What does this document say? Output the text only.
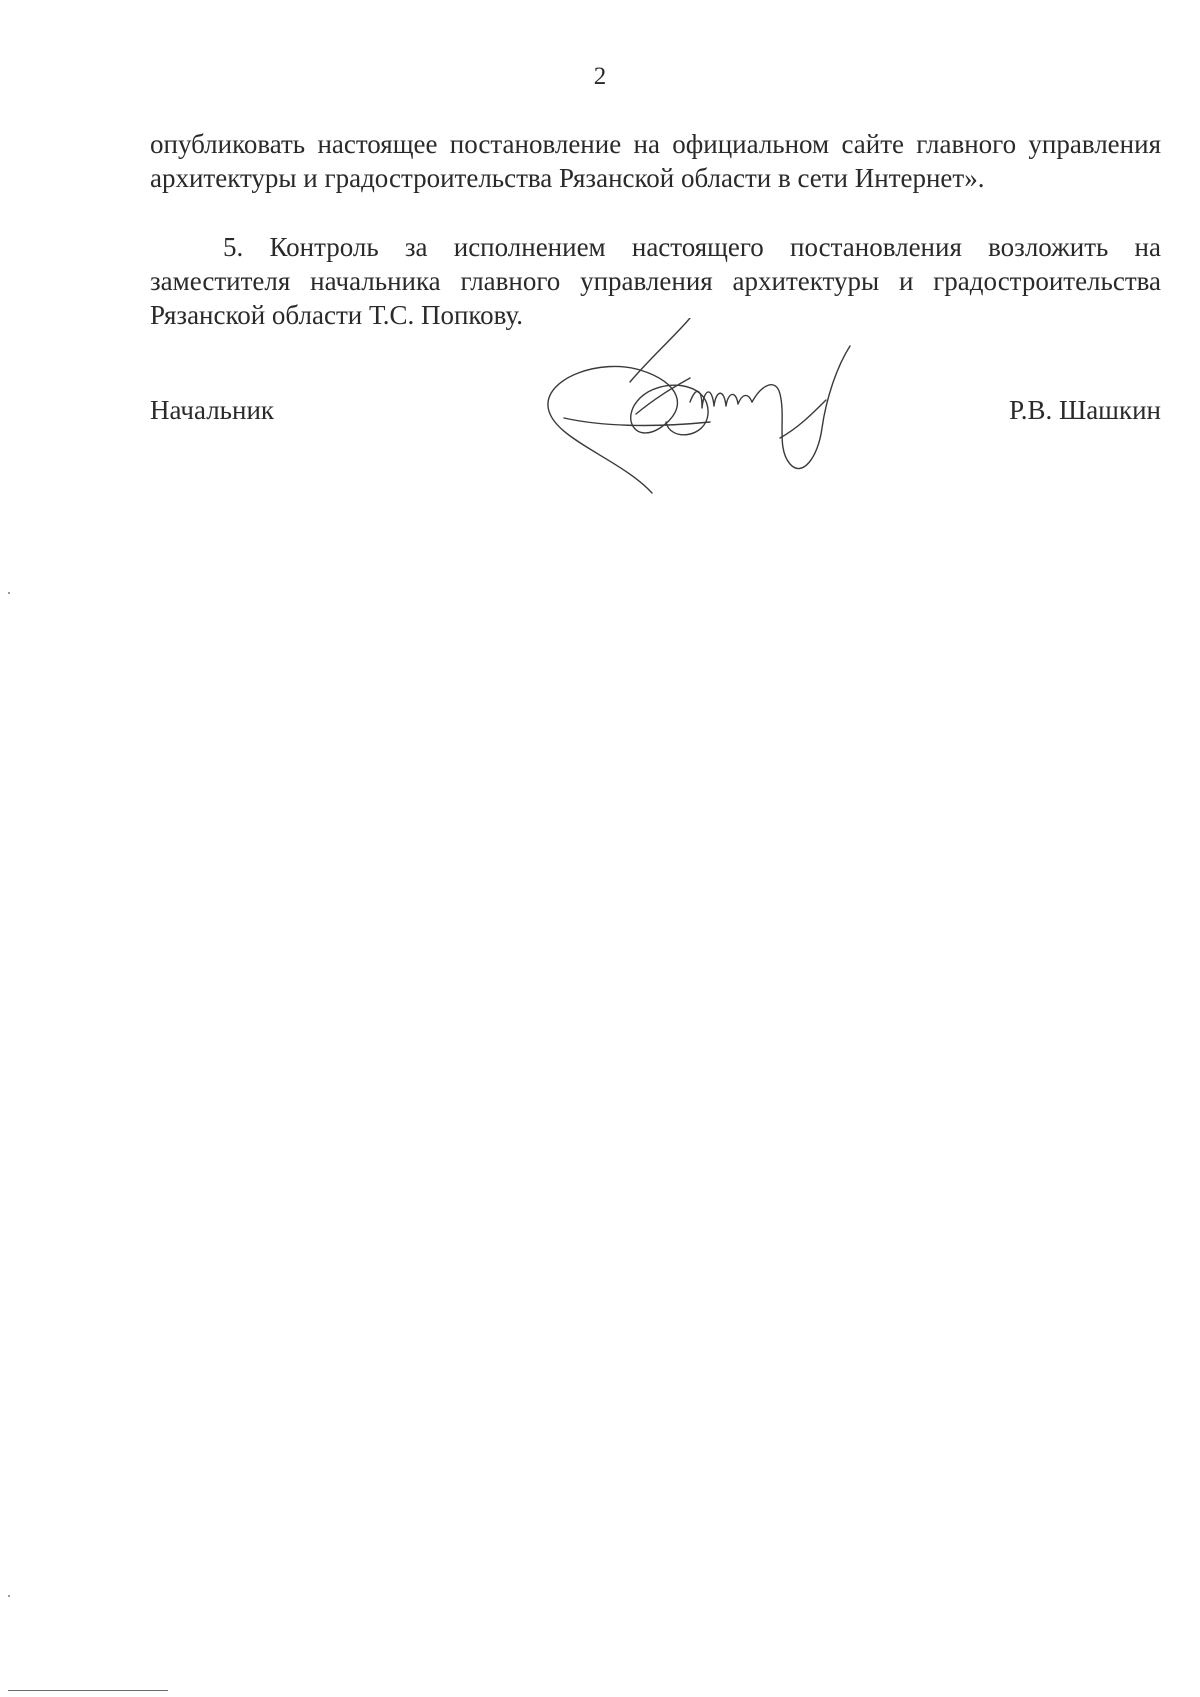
2

опубликовать настоящее постановление на официальном сайте главного управления архитектуры и градостроительства Рязанской области в сети Интернет».

5. Контроль за исполнением настоящего постановления возложить на заместителя начальника главного управления архитектуры и градостроительства Рязанской области Т.С. Попкову.

Начальник	Р.В. Шашкин
